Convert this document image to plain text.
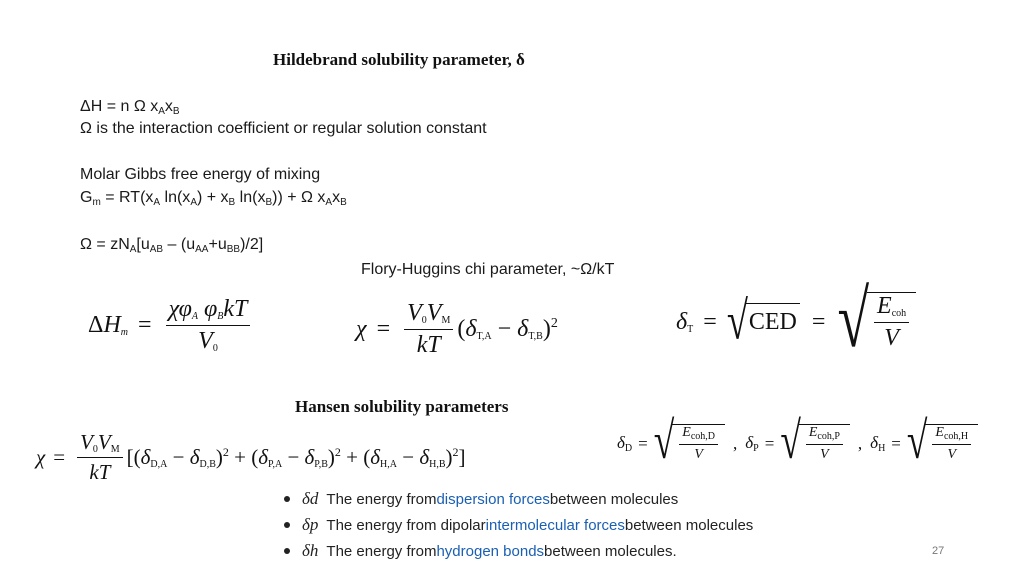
Hildebrand solubility parameter, δ
ΔH = n Ω $x_Ax_B$
Ω is the interaction coefficient or regular solution constant
Molar Gibbs free energy of mixing
$G_m = RT(x_A$ $\ln(x_A) + x_B$ $\ln(x_B)) + \Omega$ $x_Ax_B$
$\Omega = zN_A[u_{AB} - (u_{AA}+u_{BB})/2]$
Flory-Huggins chi parameter, ~Ω/kT
$\Delta H_m = \frac{\chi\varphi_A \varphi_BkT}{V_0}$	$\chi = \frac{V_0V_M}{kT} (\delta_{T,A} - \delta_{T,B})^2$	$\delta_T$ = √ CED = √ $\frac{E_{coh}}{V}$
Hansen solubility parameters
$\chi = \frac{V_0V_M}{kT} [(\delta_{D,A} - \delta_{D,B})^2 + (\delta_{P,A} - \delta_{P,B})^2 + (\delta_{H,A} - \delta_{H,B})^2]$
$\delta_D$ = √ $\frac{E_{coh,D}}{V}$ , $\delta_P$ = √ $\frac{E_{coh,P}}{V}$ , $\delta_H$ = √ $\frac{E_{coh,H}}{V}$
δd The energy from dispersion forces between molecules
δp The energy from dipolar intermolecular forces between molecules
δh The energy from hydrogen bonds between molecules.	27
